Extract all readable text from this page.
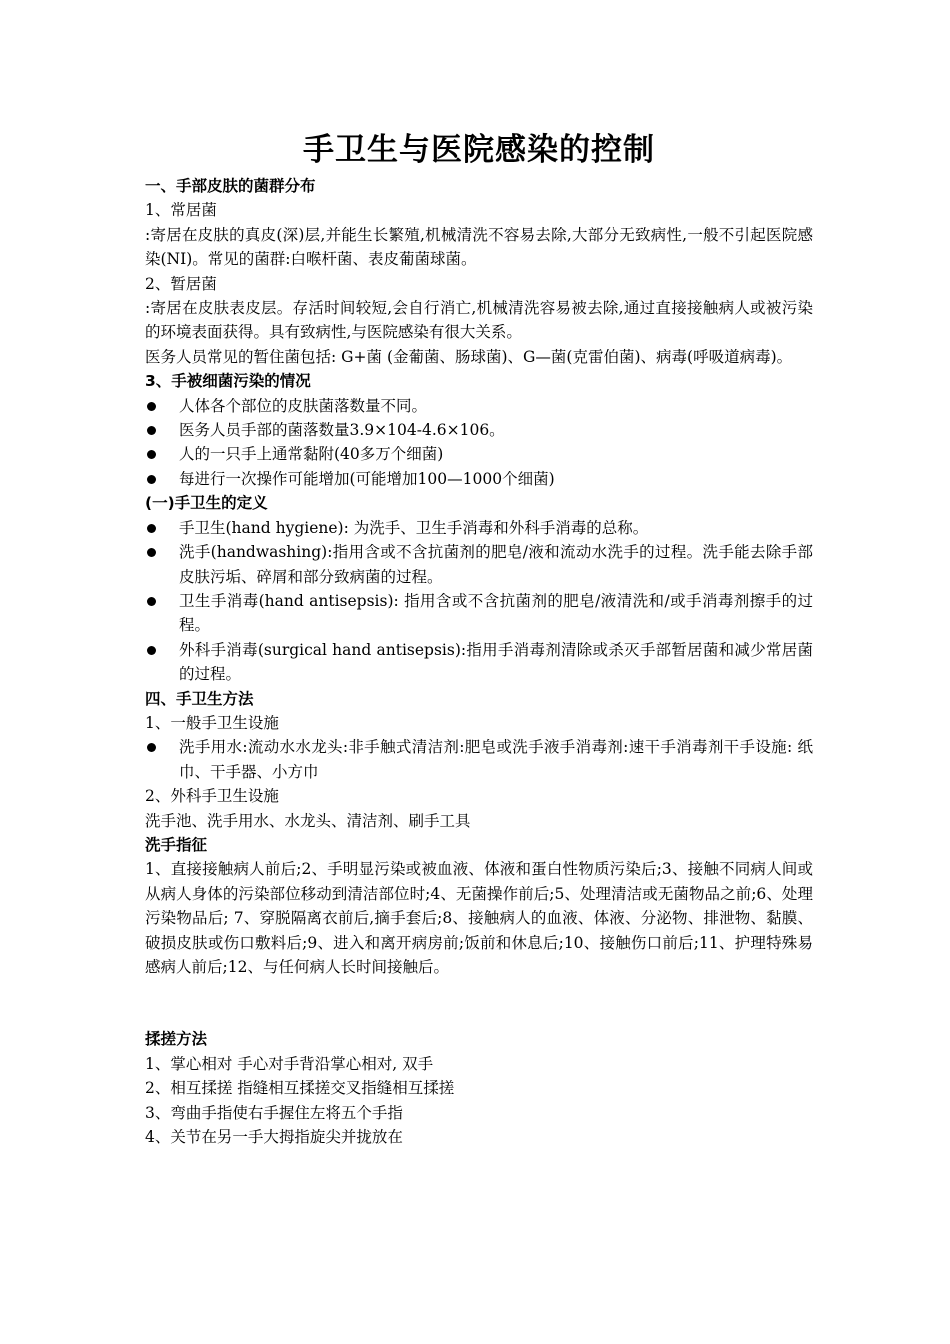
手卫生与医院感染的控制
一、手部皮肤的菌群分布
1、常居菌
:寄居在皮肤的真皮(深)层,并能生长繁殖,机械清洗不容易去除,大部分无致病性,一般不引起医院感染(NI)。常见的菌群:白喉杆菌、表皮葡菌球菌。
2、暂居菌
:寄居在皮肤表皮层。存活时间较短,会自行消亡,机械清洗容易被去除,通过直接接触病人或被污染的环境表面获得。具有致病性,与医院感染有很大关系。
医务人员常见的暂住菌包括: G+菌 (金葡菌、肠球菌)、G—菌(克雷伯菌)、病毒(呼吸道病毒)。
3、手被细菌污染的情况
人体各个部位的皮肤菌落数量不同。
医务人员手部的菌落数量3.9×104-4.6×106。
人的一只手上通常黏附(40多万个细菌)
每进行一次操作可能增加(可能增加100—1000个细菌)
(一)手卫生的定义
手卫生(hand hygiene): 为洗手、卫生手消毒和外科手消毒的总称。
洗手(handwashing):指用含或不含抗菌剂的肥皂/液和流动水洗手的过程。洗手能去除手部皮肤污垢、碎屑和部分致病菌的过程。
卫生手消毒(hand antisepsis): 指用含或不含抗菌剂的肥皂/液清洗和/或手消毒剂擦手的过程。
外科手消毒(surgical hand antisepsis):指用手消毒剂清除或杀灭手部暂居菌和减少常居菌的过程。
四、手卫生方法
1、一般手卫生设施
洗手用水:流动水水龙头:非手触式清洁剂:肥皂或洗手液手消毒剂:速干手消毒剂干手设施: 纸巾、干手器、小方巾
2、外科手卫生设施
洗手池、洗手用水、水龙头、清洁剂、刷手工具
洗手指征
1、直接接触病人前后;2、手明显污染或被血液、体液和蛋白性物质污染后;3、接触不同病人间或从病人身体的污染部位移动到清洁部位时;4、无菌操作前后;5、处理清洁或无菌物品之前;6、处理污染物品后; 7、穿脱隔离衣前后,摘手套后;8、接触病人的血液、体液、分泌物、排泄物、黏膜、破损皮肤或伤口敷料后;9、进入和离开病房前;饭前和休息后;10、接触伤口前后;11、护理特殊易感病人前后;12、与任何病人长时间接触后。
揉搓方法
1、掌心相对 手心对手背沿掌心相对, 双手
2、相互揉搓 指缝相互揉搓交叉指缝相互揉搓
3、弯曲手指使右手握住左将五个手指
4、关节在另一手大拇指旋尖并拢放在
